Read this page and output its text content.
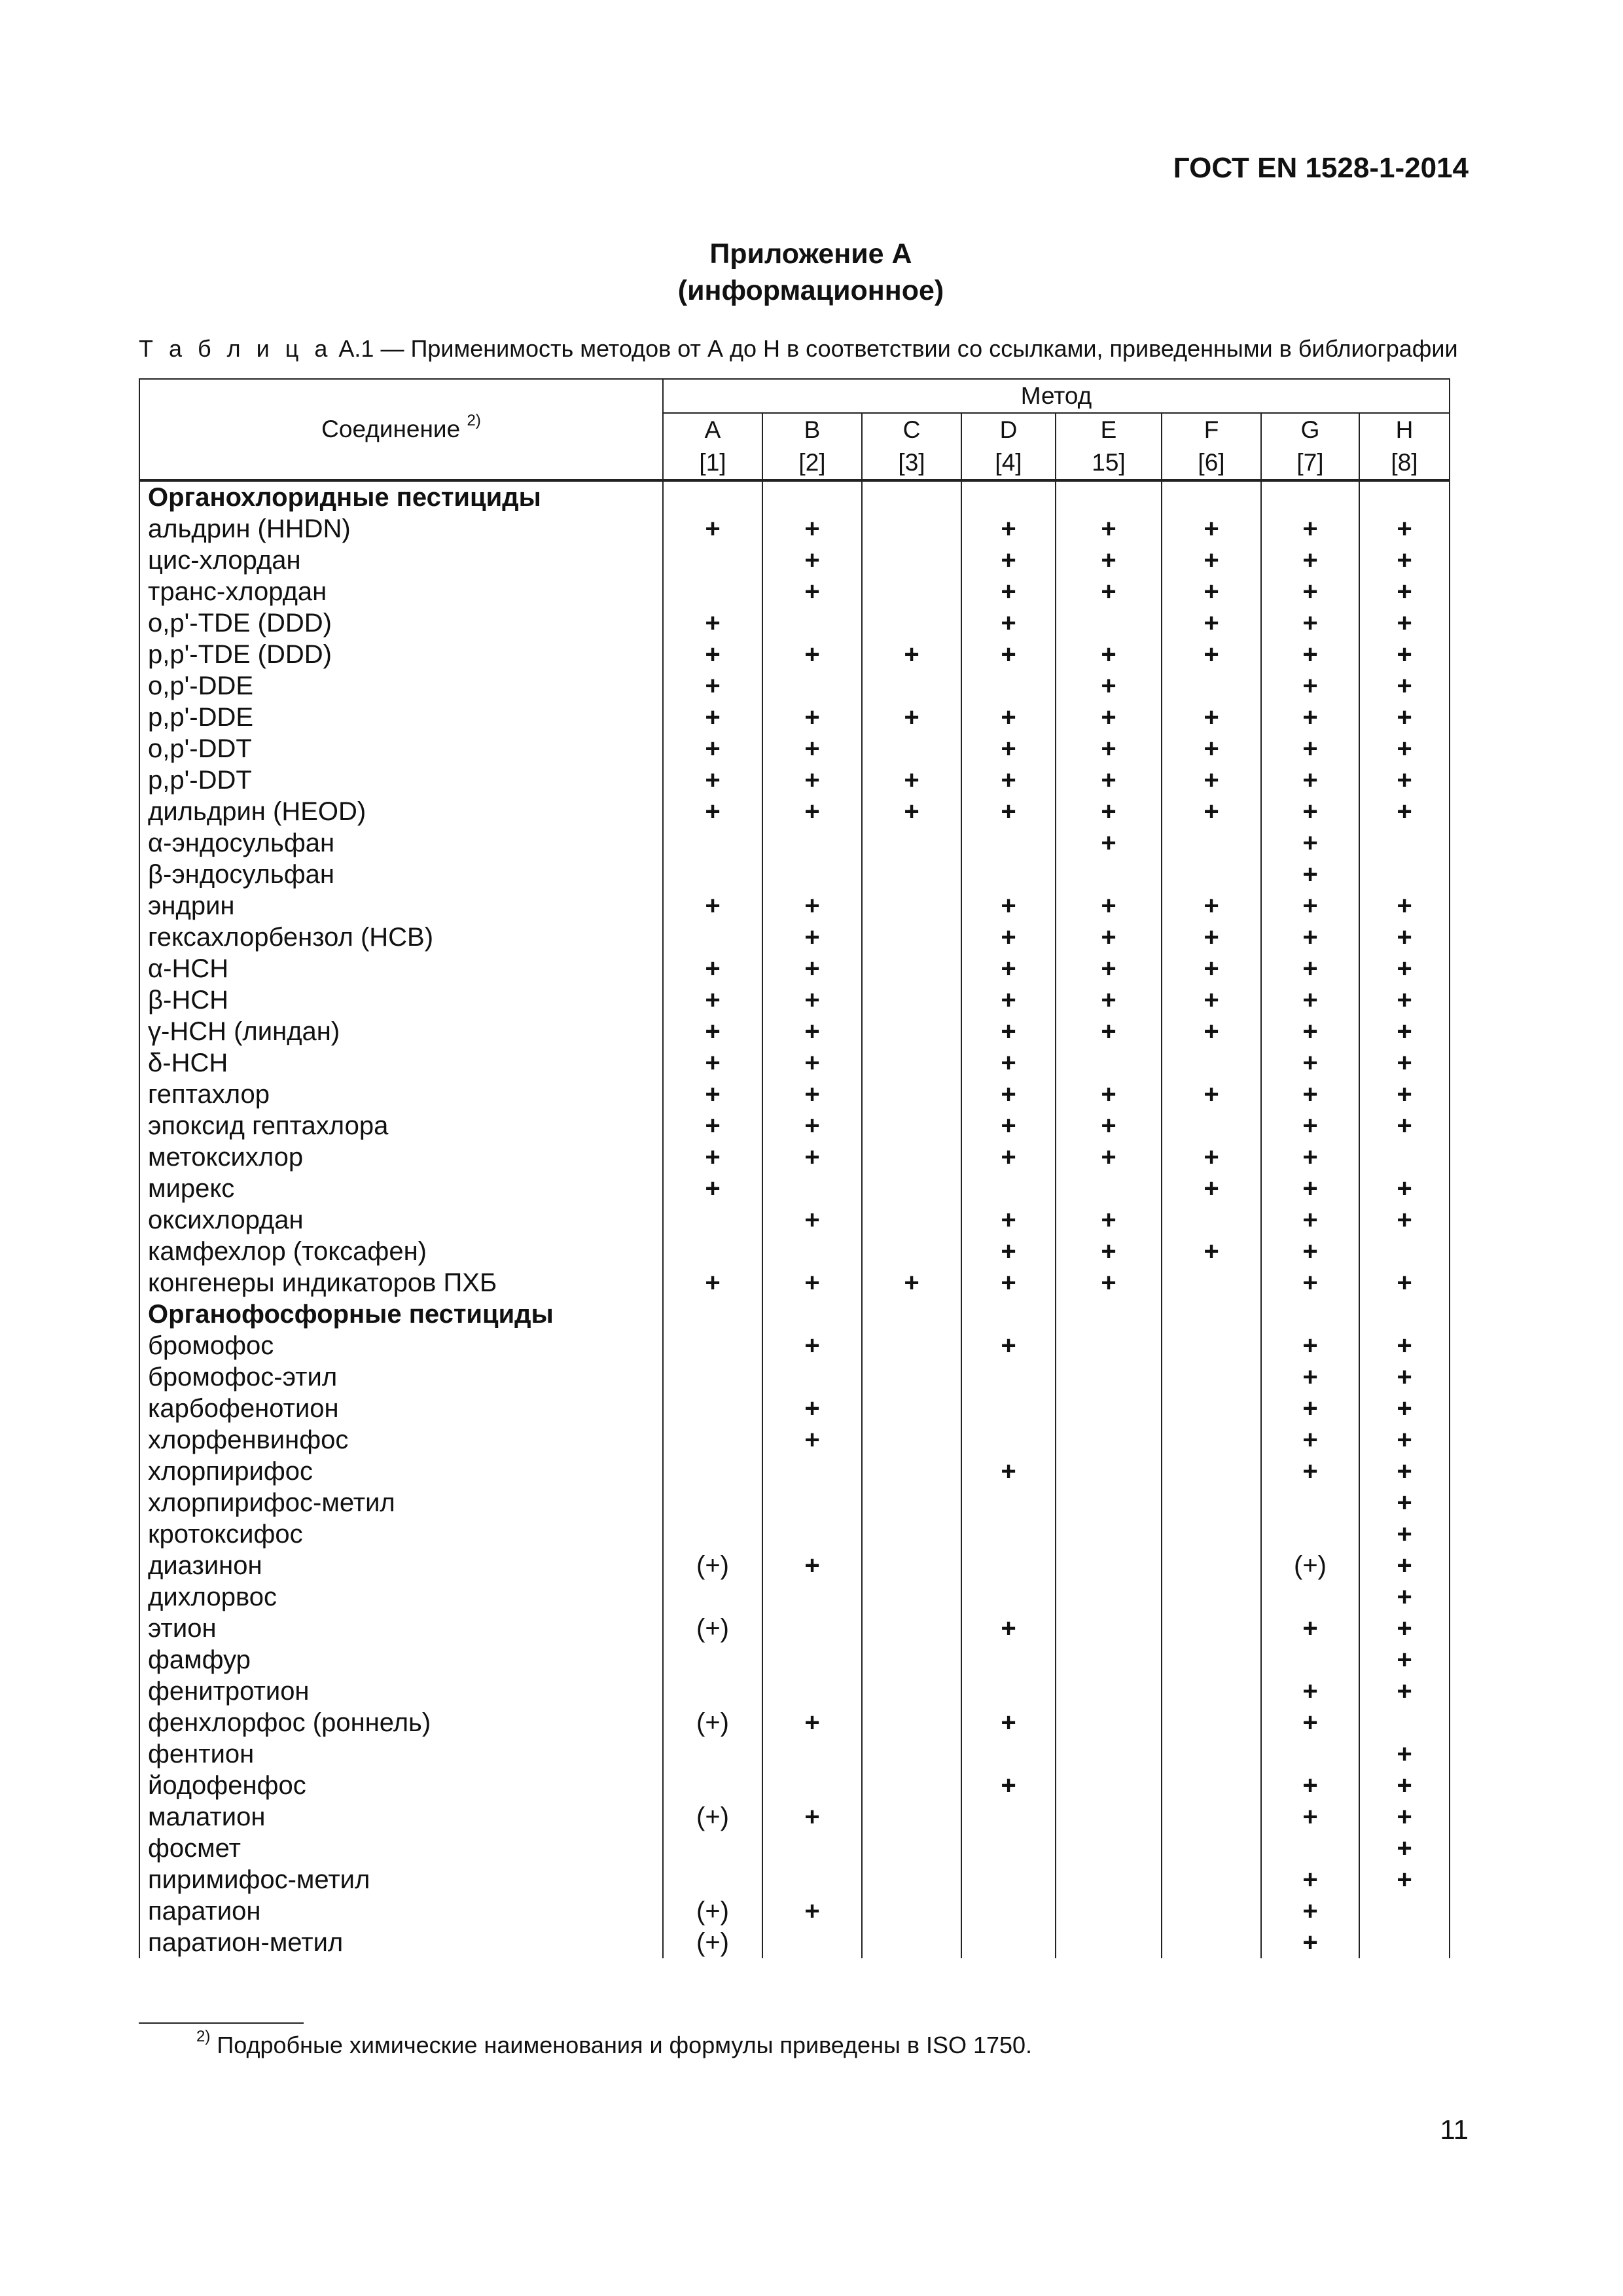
ГОСТ EN 1528-1-2014
Приложение A
(информационное)
Т а б л и ц а А.1 — Применимость методов от А до Н в соответствии со ссылками, приведенными в библиографии
Соединение $^{2)}$	Метод							
	A	B	C	D	E	F	G	H
	[1]	[2]	[3]	[4]	15]	[6]	[7]	[8]
Органохлоридные пестициды								
альдрин (HHDN)	+	+		+	+	+	+	+
цис-хлордан		+		+	+	+	+	+
транс-хлордан		+		+	+	+	+	+
o,p'-TDE (DDD)	+			+		+	+	+
p,p'-TDE (DDD)	+	+	+	+	+	+	+	+
o,p'-DDE	+				+		+	+
p,p'-DDE	+	+	+	+	+	+	+	+
o,p'-DDT	+	+		+	+	+	+	+
p,p'-DDT	+	+	+	+	+	+	+	+
дильдрин (HEOD)	+	+	+	+	+	+	+	+
α-эндосульфан					+		+	
β-эндосульфан							+	
эндрин	+	+		+	+	+	+	+
гексахлорбензол (HCB)		+		+	+	+	+	+
α-HCH	+	+		+	+	+	+	+
β-HCH	+	+		+	+	+	+	+
γ-HCH (линдан)	+	+		+	+	+	+	+
δ-HCH	+	+		+			+	+
гептахлор	+	+		+	+	+	+	+
эпоксид гептахлора	+	+		+	+		+	+
метоксихлор	+	+		+	+	+	+	
мирекс	+					+	+	+
оксихлордан		+		+	+		+	+
камфехлор (токсафен)				+	+	+	+	
конгенеры индикаторов ПХБ	+	+	+	+	+		+	+
Органофосфорные пестициды								
бромофос		+		+			+	+
бромофос-этил							+	+
карбофенотион		+					+	+
хлорфенвинфос		+					+	+
хлорпирифос				+			+	+
хлорпирифос-метил								+
кротоксифос								+
диазинон	(+)	+					(+)	+
дихлорвос								+
этион	(+)			+			+	+
фамфур								+
фенитротион							+	+
фенхлорфос (роннель)	(+)	+		+			+	
фентион								+
йодофенфос				+			+	+
малатион	(+)	+					+	+
фосмет								+
пиримифос-метил							+	+
паратион	(+)	+					+	
паратион-метил	(+)						+	
$^{2)}$ Подробные химические наименования и формулы приведены в ISO 1750.
11
